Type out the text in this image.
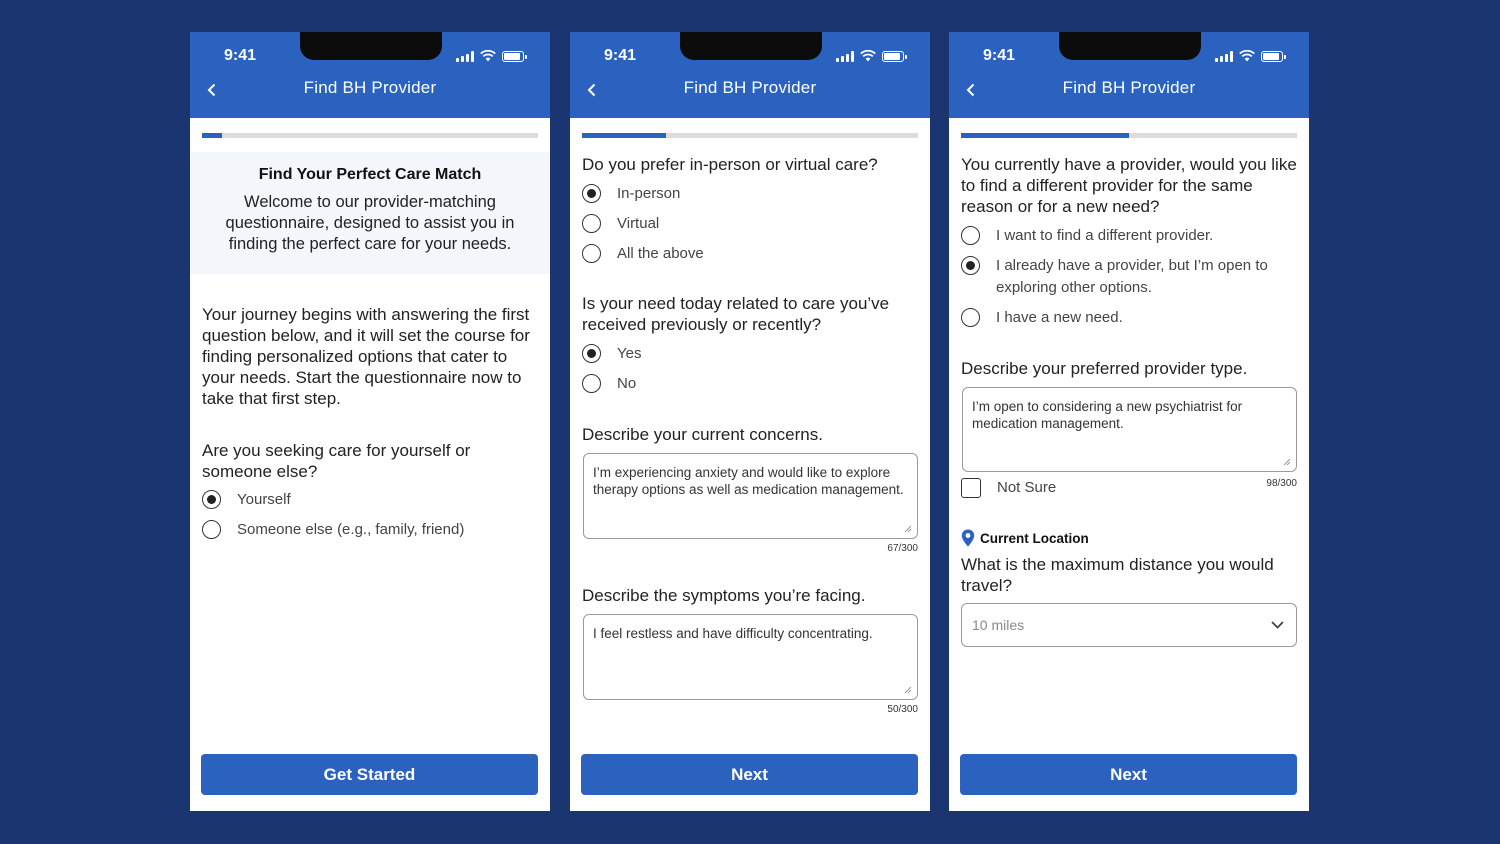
9:41
Find BH Provider
Find Your Perfect Care Match
Welcome to our provider-matching questionnaire, designed to assist you in finding the perfect care for your needs.
Your journey begins with answering the first question below, and it will set the course for finding personalized options that cater to your needs. Start the questionnaire now to take that first step.
Are you seeking care for yourself or someone else?
Yourself
Someone else (e.g., family, friend)
Get Started
9:41
Find BH Provider
Do you prefer in-person or virtual care?
In-person
Virtual
All the above
Is your need today related to care you’ve received previously or recently?
Yes
No
Describe your current concerns.
I’m experiencing anxiety and would like to explore therapy options as well as medication management.
67/300
Describe the symptoms you’re facing.
I feel restless and have difficulty concentrating.
50/300
Next
9:41
Find BH Provider
You currently have a provider, would you like to find a different provider for the same reason or for a new need?
I want to find a different provider.
I already have a provider, but I’m open to exploring other options.
I have a new need.
Describe your preferred provider type.
I’m open to considering a new psychiatrist for medication management.
Not Sure	98/300
Current Location
What is the maximum distance you would travel?
10 miles
Next
